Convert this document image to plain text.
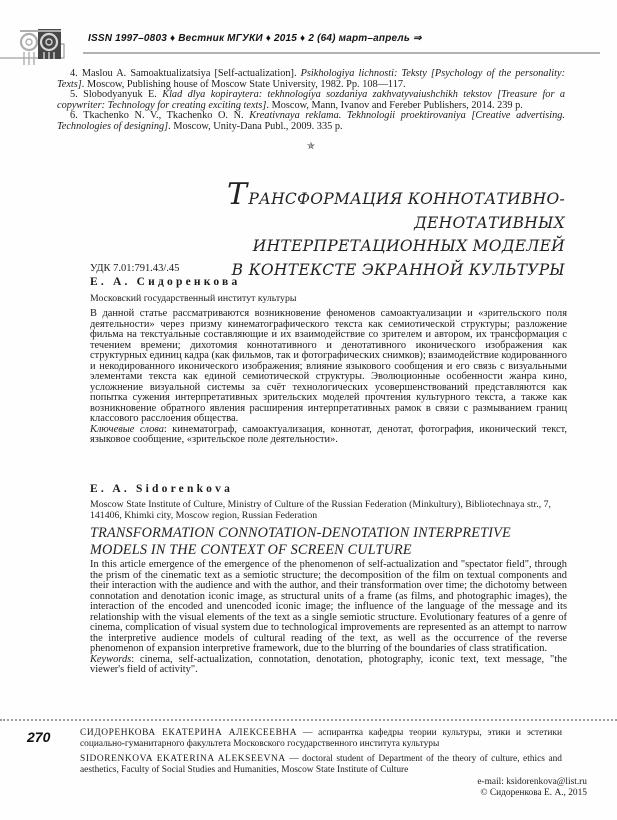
ISSN 1997–0803 ♦ Вестник МГУКИ ♦ 2015 ♦ 2 (64) март–апрель ⇒

4. Maslou A. Samoaktualizatsiya [Self-actualization]. Psikhologiya lichnosti: Teksty [Psychology of the personality: Texts]. Moscow, Publishing house of Moscow State University, 1982. Pp. 108—117.

5. Slobodyanyuk E. Klad dlya kopiraytera: tekhnologiya sozdaniya zakhvatyvaiushchikh tekstov [Treasure for a copywriter: Technology for creating exciting texts]. Moscow, Mann, Ivanov and Fereber Publishers, 2014. 239 p.

6. Tkachenko N. V., Tkachenko O. N. Kreativnaya reklama. Tekhnologii proektirovaniya [Creative advertising. Technologies of designing]. Moscow, Unity-Dana Publ., 2009. 335 p.

✯
ТРАНСФОРМАЦИЯ КОННОТАТИВНО-ДЕНОТАТИВНЫХ
ИНТЕРПРЕТАЦИОННЫХ МОДЕЛЕЙ
В КОНТЕКСТЕ ЭКРАННОЙ КУЛЬТУРЫ
УДК 7.01:791.43/.45
Е. А. Сидоренкова
Московский государственный институт культуры

В данной статье рассматриваются возникновение феноменов самоактуализации и «зрительского поля деятельности» через призму кинематографического текста как семиотической структуры; разложение фильма на текстуальные составляющие и их взаимодействие со зрителем и автором, их трансформация с течением времени; дихотомия коннотативного и денотативного иконического изображения как структурных единиц кадра (как фильмов, так и фотографических снимков); взаимодействие кодированного и некодированного иконического изображения; влияние языкового сообщения и его связь с визуальными элементами текста как единой семиотической структуры. Эволюционные особенности жанра кино, усложнение визуальной системы за счёт технологических усовершенствований представляются как попытка сужения интерпретативных зрительских моделей прочтения культурного текста, а также как возникновение обратного явления расширения интерпретативных рамок в связи с размыванием границ классового расслоения общества.

Ключевые слова: кинематограф, самоактуализация, коннотат, денотат, фотография, иконический текст, языковое сообщение, «зрительское поле деятельности».

E. A. Sidorenkova
Moscow State Institute of Culture, Ministry of Culture of the Russian Federation (Minkultury), Bibliotechnaya str., 7, 141406, Khimki city, Moscow region, Russian Federation
TRANSFORMATION CONNOTATION-DENOTATION INTERPRETIVE
MODELS IN THE CONTEXT OF SCREEN CULTURE

In this article emergence of the emergence of the phenomenon of self-actualization and "spectator field", through the prism of the cinematic text as a semiotic structure; the decomposition of the film on textual components and their interaction with the audience and with the author, and their transformation over time; the dichotomy between connotation and denotation iconic image, as structural units of a frame (as films, and photographic images), the interaction of the encoded and unencoded iconic image; the influence of the language of the message and its relationship with the visual elements of the text as a single semiotic structure. Evolutionary features of a genre of cinema, complication of visual system due to technological improvements are represented as an attempt to narrow the interpretive audience models of cultural reading of the text, as well as the occurrence of the reverse phenomenon of expansion interpretive framework, due to the blurring of the boundaries of class stratification.

Keywords: cinema, self-actualization, connotation, denotation, photography, iconic text, text message, "the viewer's field of activity".

270	СИДОРЕНКОВА ЕКАТЕРИНА АЛЕКСЕЕВНА — аспирантка кафедры теории культуры, этики и эстетики социально-гуманитарного факультета Московского государственного института культуры

SIDORENKOVA EKATERINA ALEKSEEVNA — doctoral student of Department of the theory of culture, ethics and aesthetics, Faculty of Social Studies and Humanities, Moscow State Institute of Culture

e-mail: ksidorenkova@list.ru
© Сидоренкова Е. А., 2015
